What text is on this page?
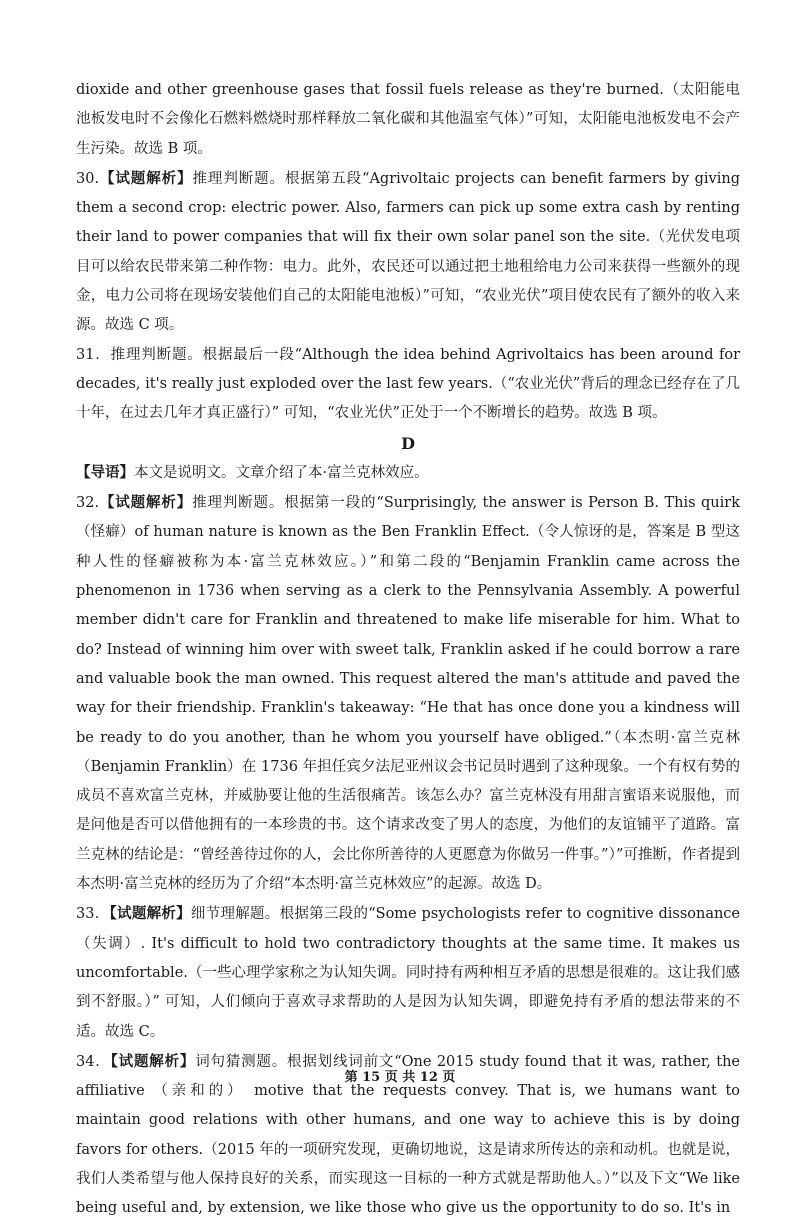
dioxide and other greenhouse gases that fossil fuels release as they're burned.（太阳能电池板发电时不会像化石燃料燃烧时那样释放二氧化碳和其他温室气体）”可知，太阳能电池板发电不会产生污染。故选 B 项。

30.【试题解析】推理判断题。根据第五段“Agrivoltaic projects can benefit farmers by giving them a second crop: electric power. Also, farmers can pick up some extra cash by renting their land to power companies that will fix their own solar panel son the site.（光伏发电项目可以给农民带来第二种作物：电力。此外，农民还可以通过把土地租给电力公司来获得一些额外的现金，电力公司将在现场安装他们自己的太阳能电池板）”可知，“农业光伏”项目使农民有了额外的收入来源。故选 C 项。

31．推理判断题。根据最后一段“Although the idea behind Agrivoltaics has been around for decades, it's really just exploded over the last few years.（“农业光伏”背后的理念已经存在了几十年，在过去几年才真正盛行）” 可知，“农业光伏”正处于一个不断增长的趋势。故选 B 项。

D

【导语】本文是说明文。文章介绍了本·富兰克林效应。

32.【试题解析】推理判断题。根据第一段的“Surprisingly, the answer is Person B. This quirk（怪癖）of human nature is known as the Ben Franklin Effect.（令人惊讶的是，答案是 B 型这种人性的怪癖被称为本·富兰克林效应。）”和第二段的“Benjamin Franklin came across the phenomenon in 1736 when serving as a clerk to the Pennsylvania Assembly. A powerful member didn't care for Franklin and threatened to make life miserable for him. What to do? Instead of winning him over with sweet talk, Franklin asked if he could borrow a rare and valuable book the man owned. This request altered the man's attitude and paved the way for their friendship. Franklin's takeaway: “He that has once done you a kindness will be ready to do you another, than he whom you yourself have obliged.”（本杰明·富兰克林（Benjamin Franklin）在 1736 年担任宾夕法尼亚州议会书记员时遇到了这种现象。一个有权有势的成员不喜欢富兰克林，并威胁要让他的生活很痛苦。该怎么办？富兰克林没有用甜言蜜语来说服他，而是问他是否可以借他拥有的一本珍贵的书。这个请求改变了男人的态度，为他们的友谊铺平了道路。富兰克林的结论是：“曾经善待过你的人，会比你所善待的人更愿意为你做另一件事。”）”可推断，作者提到本杰明·富兰克林的经历为了介绍“本杰明·富兰克林效应”的起源。故选 D。

33．【试题解析】细节理解题。根据第三段的“Some psychologists refer to cognitive dissonance （失调）. It's difficult to hold two contradictory thoughts at the same time. It makes us uncomfortable.（一些心理学家称之为认知失调。同时持有两种相互矛盾的思想是很难的。这让我们感到不舒服。）” 可知，人们倾向于喜欢寻求帮助的人是因为认知失调，即避免持有矛盾的想法带来的不适。故选 C。

34．【试题解析】词句猜测题。根据划线词前文“One 2015 study found that it was, rather, the affiliative （亲和的） motive that the requests convey. That is, we humans want to maintain good relations with other humans, and one way to achieve this is by doing favors for others.（2015 年的一项研究发现，更确切地说，这是请求所传达的亲和动机。也就是说，我们人类希望与他人保持良好的关系，而实现这一目标的一种方式就是帮助他人。）”以及下文“We like being useful and, by extension, we like those who give us the opportunity to do so. It's in

第 15 页 共 12 页
